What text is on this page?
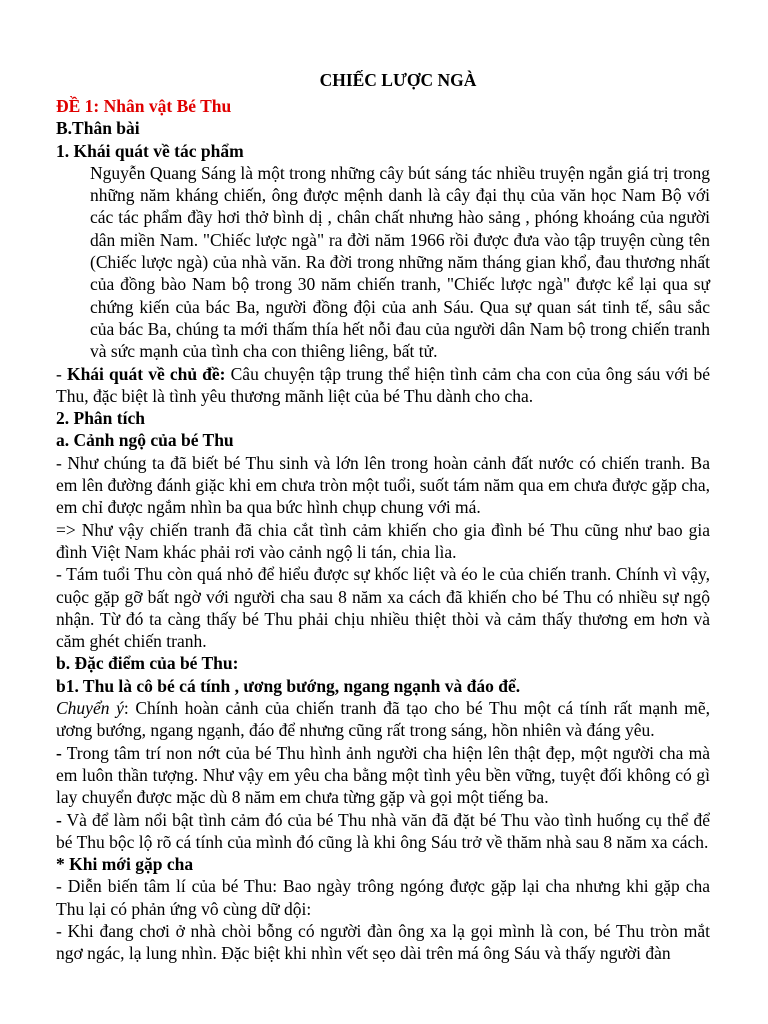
CHIẾC LƯỢC NGÀ
ĐỀ 1: Nhân vật Bé Thu
B.Thân bài
1. Khái quát về tác phẩm

Nguyễn Quang Sáng là một trong những cây bút sáng tác nhiều truyện ngắn giá trị trong những năm kháng chiến, ông được mệnh danh là cây đại thụ của văn học Nam Bộ với các tác phẩm đầy hơi thở bình dị , chân chất nhưng hào sảng , phóng khoáng của người dân miền Nam. "Chiếc lược ngà" ra đời năm 1966 rồi được đưa vào tập truyện cùng tên (Chiếc lược ngà) của nhà văn. Ra đời trong những năm tháng gian khổ, đau thương nhất của đồng bào Nam bộ trong 30 năm chiến tranh, "Chiếc lược ngà" được kể lại qua sự chứng kiến của bác Ba, người đồng đội của anh Sáu. Qua sự quan sát tinh tế, sâu sắc của bác Ba, chúng ta mới thấm thía hết nỗi đau của người dân Nam bộ trong chiến tranh và sức mạnh của tình cha con thiêng liêng, bất tử.

- Khái quát về chủ đề: Câu chuyện tập trung thể hiện tình cảm cha con của ông sáu với bé Thu, đặc biệt là tình yêu thương mãnh liệt của bé Thu dành cho cha.

2. Phân tích
a. Cảnh ngộ của bé Thu

- Như chúng ta đã biết bé Thu sinh và lớn lên trong hoàn cảnh đất nước có chiến tranh. Ba em lên đường đánh giặc khi em chưa tròn một tuổi, suốt tám năm qua em chưa được gặp cha, em chỉ được ngắm nhìn ba qua bức hình chụp chung với má.

=> Như vậy chiến tranh đã chia cắt tình cảm khiến cho gia đình bé Thu cũng như bao gia đình Việt Nam khác phải rơi vào cảnh ngộ li tán, chia lìa.

- Tám tuổi Thu còn quá nhỏ để hiểu được sự khốc liệt và éo le của chiến tranh. Chính vì vậy, cuộc gặp gỡ bất ngờ với người cha sau 8 năm xa cách đã khiến cho bé Thu có nhiều sự ngộ nhận. Từ đó ta càng thấy bé Thu phải chịu nhiều thiệt thòi và cảm thấy thương em hơn và căm ghét chiến tranh.

b. Đặc điểm của bé Thu:
b1. Thu là cô bé cá tính , ương bướng, ngang ngạnh và đáo để.

Chuyển ý: Chính hoàn cảnh của chiến tranh đã tạo cho bé Thu một cá tính rất mạnh mẽ, ương bướng, ngang ngạnh, đáo để nhưng cũng rất trong sáng, hồn nhiên và đáng yêu.

- Trong tâm trí non nớt của bé Thu hình ảnh người cha hiện lên thật đẹp, một người cha mà em luôn thần tượng. Như vậy em yêu cha bằng một tình yêu bền vững, tuyệt đối không có gì lay chuyển được mặc dù 8 năm em chưa từng gặp và gọi một tiếng ba.

- Và để làm nổi bật tình cảm đó của bé Thu nhà văn đã đặt bé Thu vào tình huống cụ thể để bé Thu bộc lộ rõ cá tính của mình đó cũng là khi ông Sáu trở về thăm nhà sau 8 năm xa cách.

* Khi mới gặp cha

- Diễn biến tâm lí của bé Thu: Bao ngày trông ngóng được gặp lại cha nhưng khi gặp cha Thu lại có phản ứng vô cùng dữ dội:

- Khi đang chơi ở nhà chòi bỗng có người đàn ông xa lạ gọi mình là con, bé Thu tròn mắt ngơ ngác, lạ lung nhìn. Đặc biệt khi nhìn vết sẹo dài trên má ông Sáu và thấy người đàn
